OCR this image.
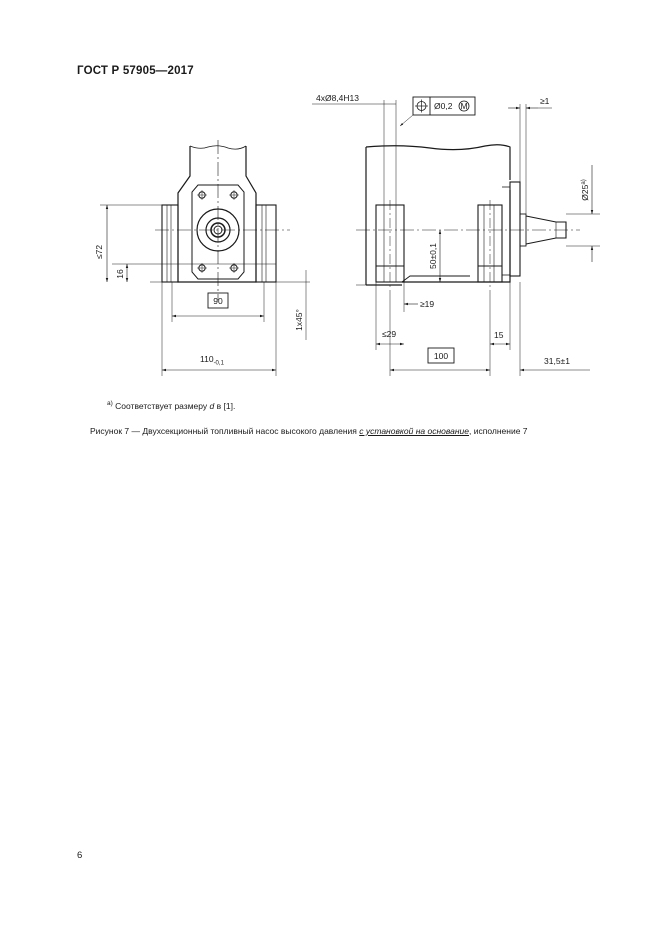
ГОСТ Р 57905—2017
≤72
16
90
$110_{-0,1}$
1x45°
4xØ8,4H13
Ø0,2 M	≥1
Ø25$^{a)}$
50±0,1
≥19
≤29	15
100	31,5±1
$^{a)}$ Соответствует размеру d в [1].
Рисунок 7 — Двухсекционный топливный насос высокого давления с установкой на основание, исполнение 7
6
